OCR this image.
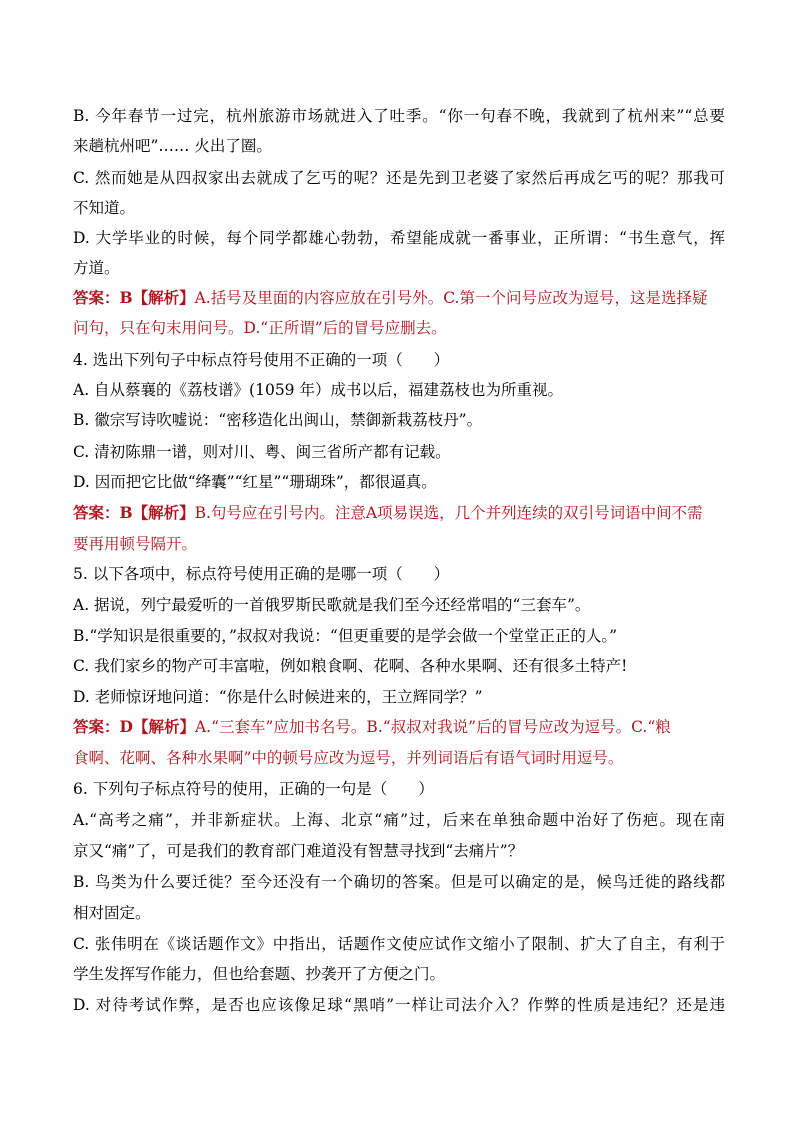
B. 今年春节一过完，杭州旅游市场就进入了吐季。“你一句春不晚，我就到了杭州来”“总要
来趟杭州吧”…… 火出了圈。
C. 然而她是从四叔家出去就成了乞丐的呢？还是先到卫老婆了家然后再成乞丐的呢？那我可
不知道。
D. 大学毕业的时候，每个同学都雄心勃勃，希望能成就一番事业，正所谓：“书生意气，挥
方道。
答案：B【解析】A.括号及里面的内容应放在引号外。C.第一个问号应改为逗号，这是选择疑
问句，只在句末用问号。D.“正所谓”后的冒号应删去。
4. 选出下列句子中标点符号使用不正确的一项（　　）
A. 自从蔡襄的《荔枝谱》(1059 年）成书以后，福建荔枝也为所重视。
B. 徽宗写诗吹嘘说：“密移造化出闽山，禁御新栽荔枝丹”。
C. 清初陈鼎一谱，则对川、粤、闽三省所产都有记载。
D. 因而把它比做“绛囊”“红星”“珊瑚珠”，都很逼真。
答案：B【解析】B.句号应在引号内。注意A项易误选，几个并列连续的双引号词语中间不需
要再用顿号隔开。
5. 以下各项中，标点符号使用正确的是哪一项（　　）
A. 据说，列宁最爱听的一首俄罗斯民歌就是我们至今还经常唱的“三套车”。
B.“学知识是很重要的，”叔叔对我说：“但更重要的是学会做一个堂堂正正的人。”
C. 我们家乡的物产可丰富啦，例如粮食啊、花啊、各种水果啊、还有很多土特产!
D. 老师惊讶地问道：“你是什么时候进来的，王立辉同学？”
答案：D【解析】A.“三套车”应加书名号。B.“叔叔对我说”后的冒号应改为逗号。C.“粮
食啊、花啊、各种水果啊”中的顿号应改为逗号，并列词语后有语气词时用逗号。
6. 下列句子标点符号的使用，正确的一句是（　　）
A.“高考之痛”，并非新症状。上海、北京“痛”过，后来在单独命题中治好了伤疤。现在南
京又“痛”了，可是我们的教育部门难道没有智慧寻找到“去痛片”？
B. 鸟类为什么要迁徙？至今还没有一个确切的答案。但是可以确定的是，候鸟迁徙的路线都
相对固定。
C. 张伟明在《谈话题作文》中指出，话题作文使应试作文缩小了限制、扩大了自主，有利于
学生发挥写作能力，但也给套题、抄袭开了方便之门。
D. 对待考试作弊，是否也应该像足球“黑哨”一样让司法介入？作弊的性质是违纪？还是违
